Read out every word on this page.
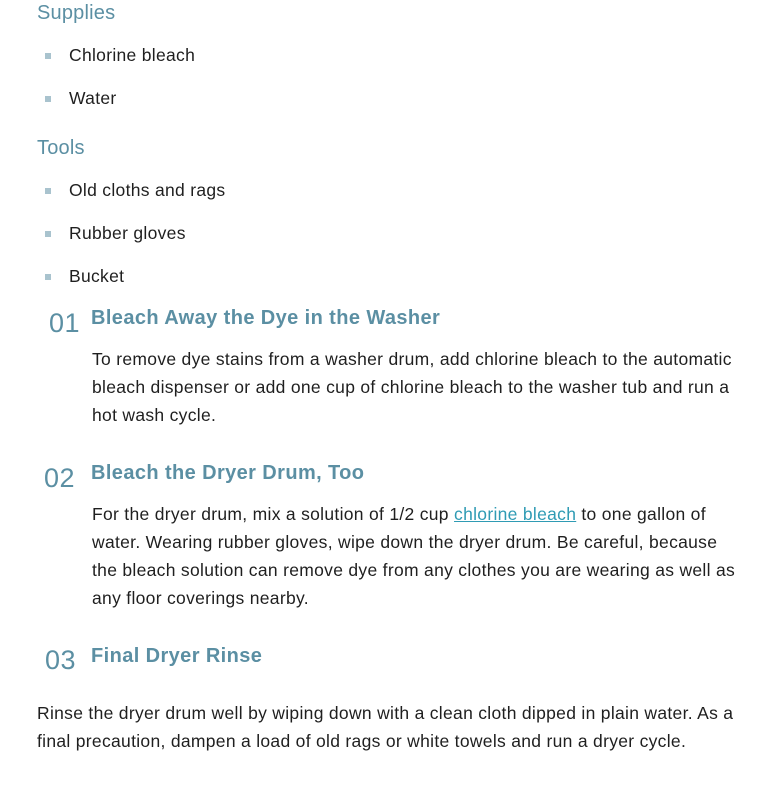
Supplies
Chlorine bleach
Water
Tools
Old cloths and rags
Rubber gloves
Bucket
01 Bleach Away the Dye in the Washer

To remove dye stains from a washer drum, add chlorine bleach to the automatic bleach dispenser or add one cup of chlorine bleach to the washer tub and run a hot wash cycle.

02 Bleach the Dryer Drum, Too

For the dryer drum, mix a solution of 1/2 cup chlorine bleach to one gallon of water. Wearing rubber gloves, wipe down the dryer drum. Be careful, because the bleach solution can remove dye from any clothes you are wearing as well as any floor coverings nearby.

03 Final Dryer Rinse

Rinse the dryer drum well by wiping down with a clean cloth dipped in plain water. As a final precaution, dampen a load of old rags or white towels and run a dryer cycle.
